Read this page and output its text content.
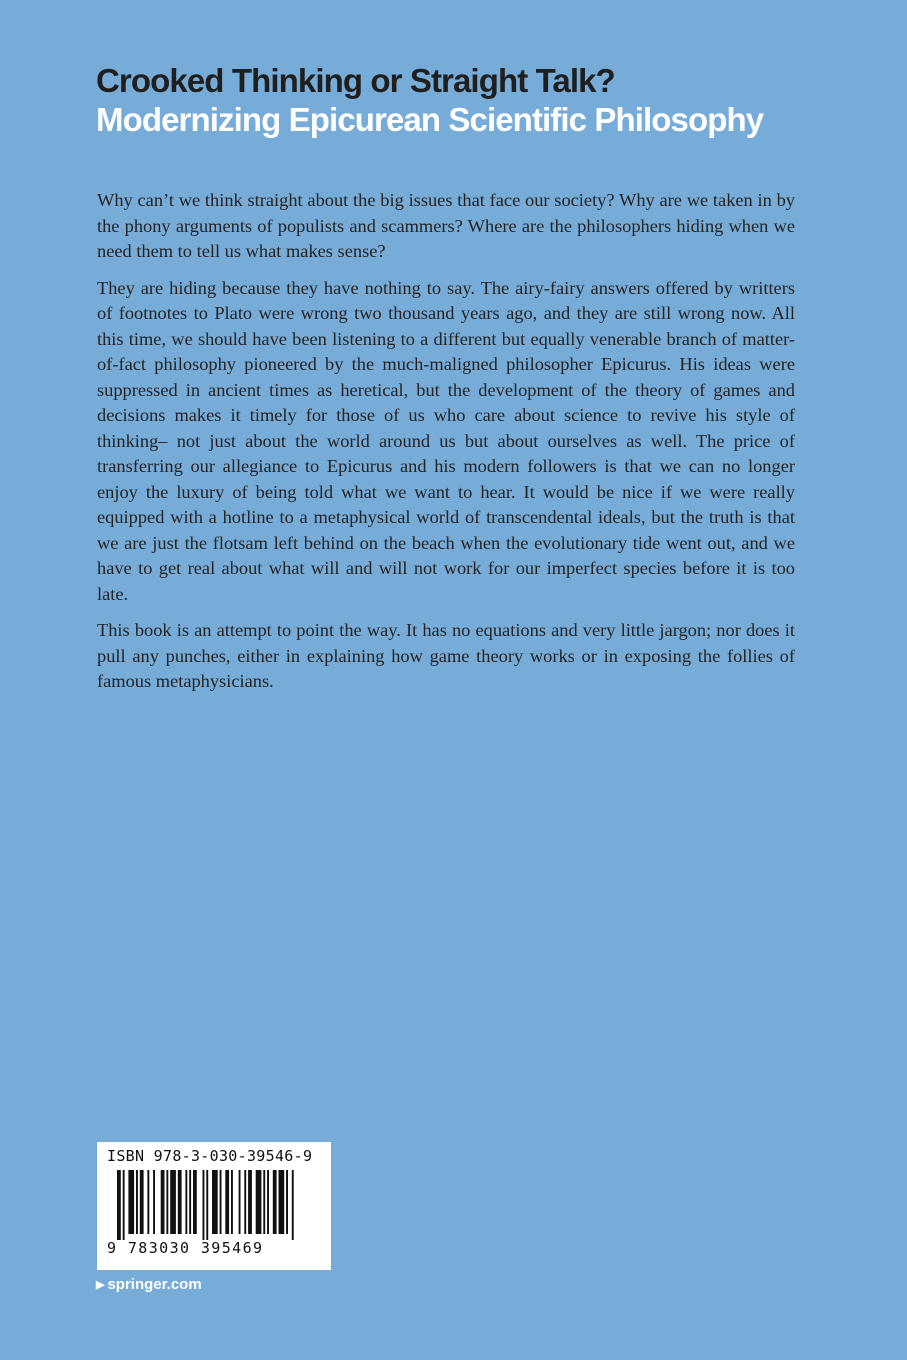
Crooked Thinking or Straight Talk?
Modernizing Epicurean Scientific Philosophy

Why can’t we think straight about the big issues that face our society? Why are we taken in by the phony arguments of populists and scammers? Where are the philosophers hiding when we need them to tell us what makes sense?

They are hiding because they have nothing to say. The airy-fairy answers offered by writters of footnotes to Plato were wrong two thousand years ago, and they are still wrong now. All this time, we should have been listening to a different but equally venerable branch of matter-of-fact philosophy pioneered by the much-maligned philosopher Epicurus. His ideas were suppressed in ancient times as heretical, but the development of the theory of games and decisions makes it timely for those of us who care about science to revive his style of thinking– not just about the world around us but about ourselves as well. The price of transferring our allegiance to Epicurus and his modern followers is that we can no longer enjoy the luxury of being told what we want to hear. It would be nice if we were really equipped with a hotline to a metaphysical world of transcendental ideals, but the truth is that we are just the flotsam left behind on the beach when the evolutionary tide went out, and we have to get real about what will and will not work for our imperfect species before it is too late.

This book is an attempt to point the way. It has no equations and very little jargon; nor does it pull any punches, either in explaining how game theory works or in exposing the follies of famous metaphysicians.

ISBN 978-3-030-39546-9
9 783030 395469
▶ springer.com
